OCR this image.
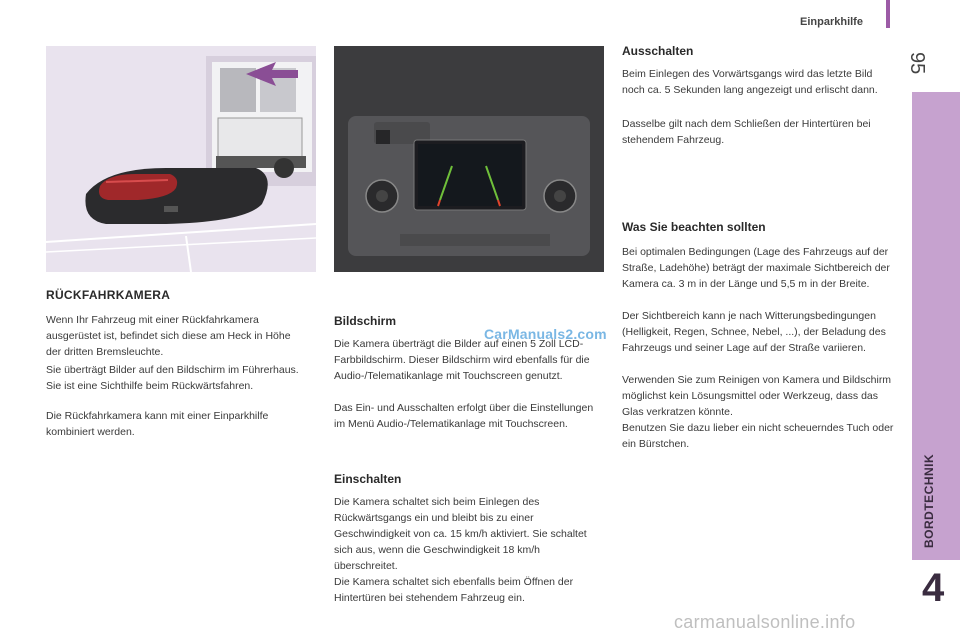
Einparkhilfe
95
BORDTECHNIK
4
RÜCKFAHRKAMERA

Wenn Ihr Fahrzeug mit einer Rückfahrkamera ausgerüstet ist, befindet sich diese am Heck in Höhe der dritten Bremsleuchte.

Sie überträgt Bilder auf den Bildschirm im Führerhaus. Sie ist eine Sichthilfe beim Rückwärtsfahren.

Die Rückfahrkamera kann mit einer Einparkhilfe kombiniert werden.

Bildschirm
CarManuals2.com

Die Kamera überträgt die Bilder auf einen 5 Zoll LCD-Farbbildschirm. Dieser Bildschirm wird ebenfalls für die Audio-/Telematikanlage mit Touchscreen genutzt.

Das Ein- und Ausschalten erfolgt über die Einstellungen im Menü Audio-/Telematikanlage mit Touchscreen.

Einschalten

Die Kamera schaltet sich beim Einlegen des Rückwärtsgangs ein und bleibt bis zu einer Geschwindigkeit von ca. 15 km/h aktiviert. Sie schaltet sich aus, wenn die Geschwindigkeit 18 km/h überschreitet.

Die Kamera schaltet sich ebenfalls beim Öffnen der Hintertüren bei stehendem Fahrzeug ein.

Ausschalten

Beim Einlegen des Vorwärtsgangs wird das letzte Bild noch ca. 5 Sekunden lang angezeigt und erlischt dann.

Dasselbe gilt nach dem Schließen der Hintertüren bei stehendem Fahrzeug.

Was Sie beachten sollten

Bei optimalen Bedingungen (Lage des Fahrzeugs auf der Straße, Ladehöhe) beträgt der maximale Sichtbereich der Kamera ca. 3 m in der Länge und 5,5 m in der Breite.

Der Sichtbereich kann je nach Witterungsbedingungen (Helligkeit, Regen, Schnee, Nebel, ...), der Beladung des Fahrzeugs und seiner Lage auf der Straße variieren.

Verwenden Sie zum Reinigen von Kamera und Bildschirm möglichst kein Lösungsmittel oder Werkzeug, dass das Glas verkratzen könnte.

Benutzen Sie dazu lieber ein nicht scheuerndes Tuch oder ein Bürstchen.

carmanualsonline.info
